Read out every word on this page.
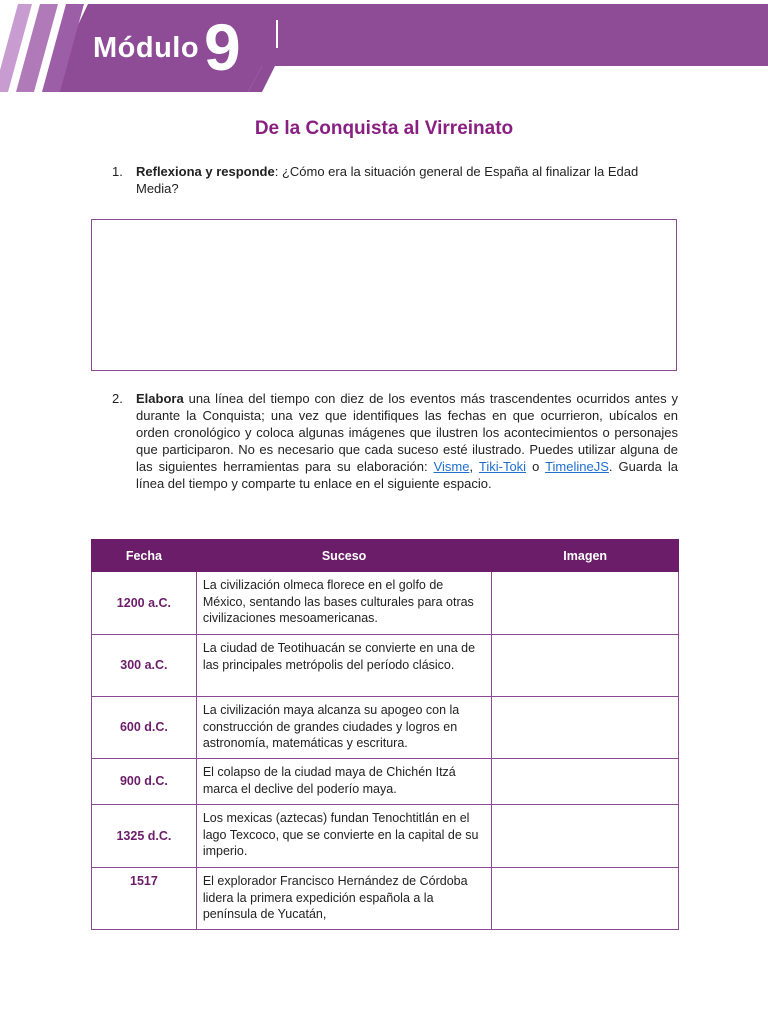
Módulo 9
De la Conquista al Virreinato
1. Reflexiona y responde: ¿Cómo era la situación general de España al finalizar la Edad Media?
2. Elabora una línea del tiempo con diez de los eventos más trascendentes ocurridos antes y durante la Conquista; una vez que identifiques las fechas en que ocurrieron, ubícalos en orden cronológico y coloca algunas imágenes que ilustren los acontecimientos o personajes que participaron. No es necesario que cada suceso esté ilustrado. Puedes utilizar alguna de las siguientes herramientas para su elaboración: Visme, Tiki-Toki o TimelineJS. Guarda la línea del tiempo y comparte tu enlace en el siguiente espacio.
Fecha	Suceso	Imagen
1200 a.C.	La civilización olmeca florece en el golfo de México, sentando las bases culturales para otras civilizaciones mesoamericanas.	
300 a.C.	La ciudad de Teotihuacán se convierte en una de las principales metrópolis del período clásico.	
600 d.C.	La civilización maya alcanza su apogeo con la construcción de grandes ciudades y logros en astronomía, matemáticas y escritura.	
900 d.C.	El colapso de la ciudad maya de Chichén Itzá marca el declive del poderío maya.	
1325 d.C.	Los mexicas (aztecas) fundan Tenochtitlán en el lago Texcoco, que se convierte en la capital de su imperio.	
1517	El explorador Francisco Hernández de Córdoba lidera la primera expedición española a la península de Yucatán,	
